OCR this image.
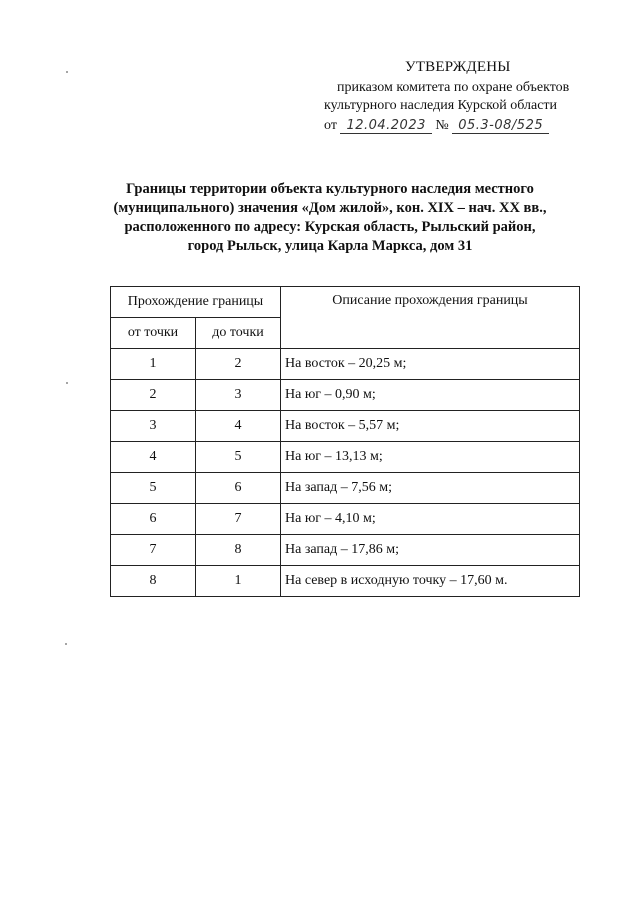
УТВЕРЖДЕНЫ
приказом комитета по охране объектов
культурного наследия Курской области
от 12.04.2023 № 05.3-08/525
Границы территории объекта культурного наследия местного
(муниципального) значения «Дом жилой», кон. XIX – нач. XX вв.,
расположенного по адресу: Курская область, Рыльский район,
город Рыльск, улица Карла Маркса, дом 31
Прохождение границы		Описание прохождения границы
от точки	до точки	
1	2	На восток – 20,25 м;
2	3	На юг – 0,90 м;
3	4	На восток – 5,57 м;
4	5	На юг – 13,13 м;
5	6	На запад – 7,56 м;
6	7	На юг – 4,10 м;
7	8	На запад – 17,86 м;
8	1	На север в исходную точку – 17,60 м.
